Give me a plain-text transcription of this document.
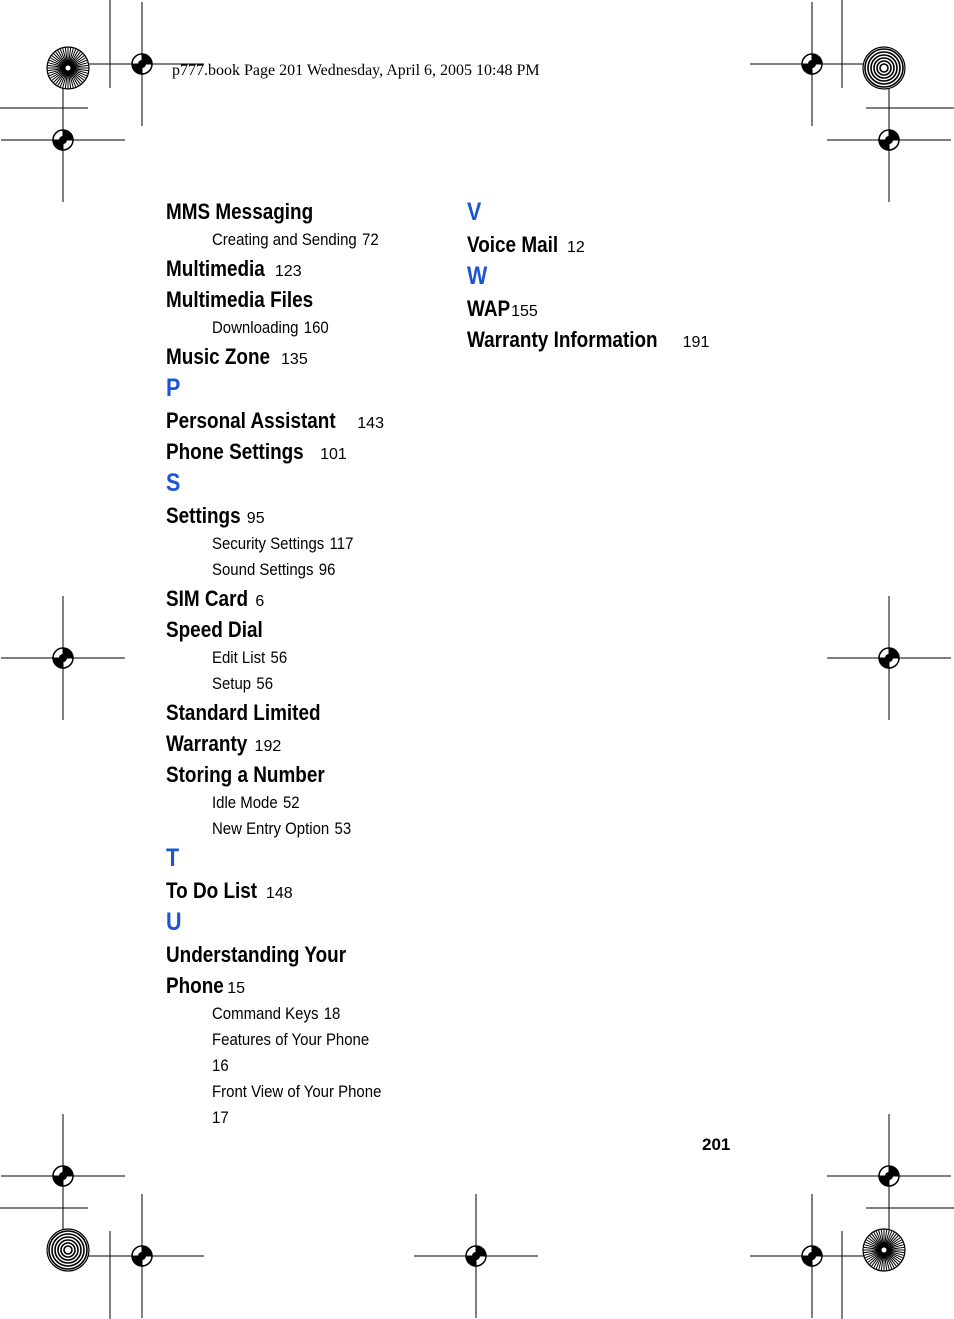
p777.book Page 201 Wednesday, April 6, 2005 10:48 PM
MMS Messaging
Creating and Sending 72
Multimedia 123
Multimedia Files
Downloading 160
Music Zone 135
P
Personal Assistant 143
Phone Settings 101
S
Settings 95
Security Settings 117
Sound Settings 96
SIM Card 6
Speed Dial
Edit List 56
Setup 56
Standard Limited
Warranty 192
Storing a Number
Idle Mode 52
New Entry Option 53
T
To Do List 148
U
Understanding Your
Phone 15
Command Keys 18
Features of Your Phone
16
Front View of Your Phone
17
V
Voice Mail 12
W
WAP155
Warranty Information 191
201
